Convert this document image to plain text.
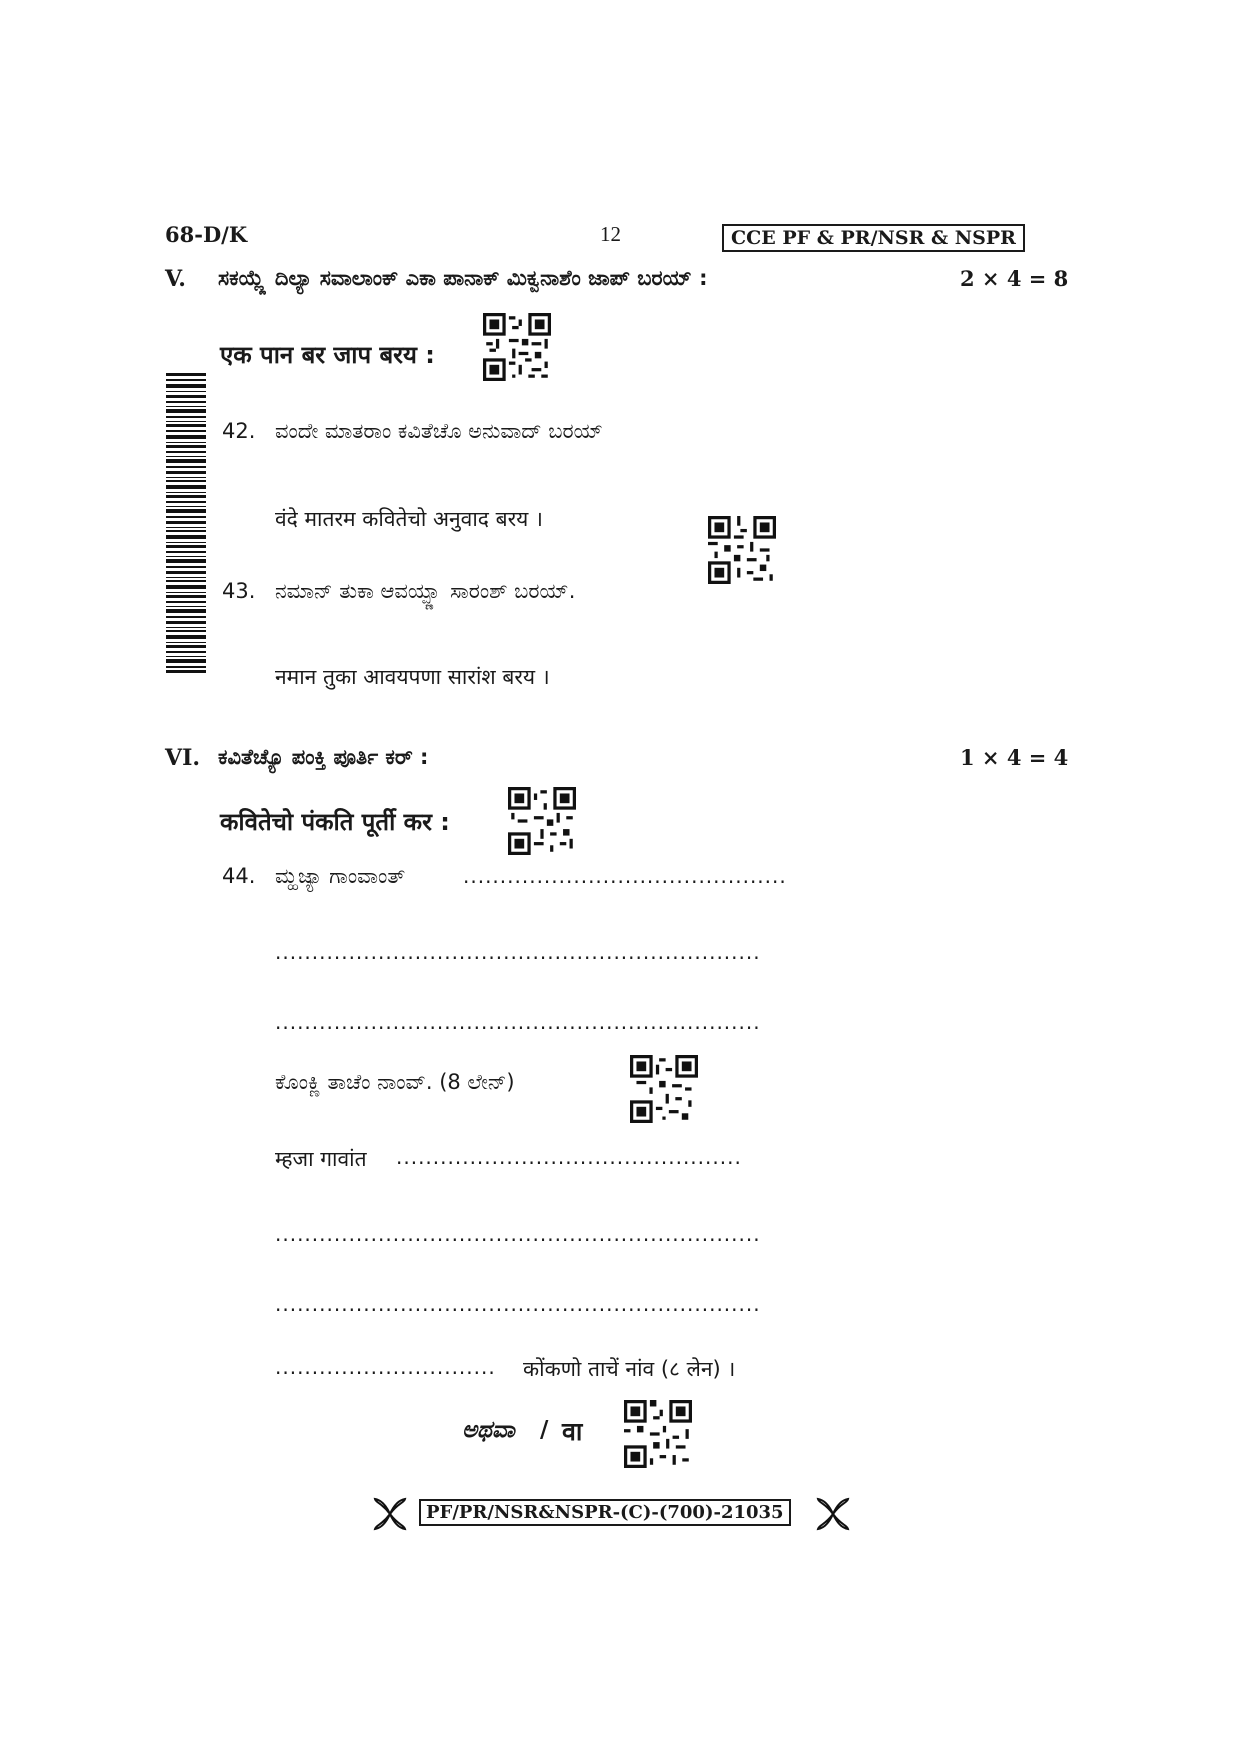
68-D/K	12	CCE PF & PR/NSR & NSPR
V. ಸಕಯ್ಲ್ಲೆ ದಿಲ್ಯಾ ಸವಾಲಾಂಕ್ ಎಕಾ ಪಾನಾಕ್ ಮಿಕ್ವನಾಶೆಂ ಜಾಪ್ ಬರಯ್ :	2 × 4 = 8
एक पान बर जाप बरय :
42. ವಂದೇ ಮಾತರಾಂ ಕವಿತೆಚೊ ಅನುವಾದ್ ಬರಯ್
वंदे मातरम कवितेचो अनुवाद बरय ।
43. ನಮಾನ್ ತುಕಾ ಆವಯ್ಪ್ಣಾ ಸಾರಂಶ್ ಬರಯ್.
नमान तुका आवयपणा सारांश बरय ।
VI. ಕವಿತೆಚ್ಯೊ ಪಂಕ್ತಿ ಪೂರ್ತಿ ಕರ್ :	1 × 4 = 4
कवितेचो पंकति पूर्ती कर :
44. ಮ್ಹಜ್ಯಾ ಗಾಂವಾಂತ್	............................................
..................................................................
..................................................................
ಕೊಂಕ್ಣಿ ತಾಚೆಂ ನಾಂವ್. (8 ಲೇನ್)
म्हजा गावांत ...............................................
..................................................................
..................................................................
.............................. कोंकणो ताचें नांव (८ लेन) ।
ಅಥವಾ / वा
PF/PR/NSR&NSPR-(C)-(700)-21035
